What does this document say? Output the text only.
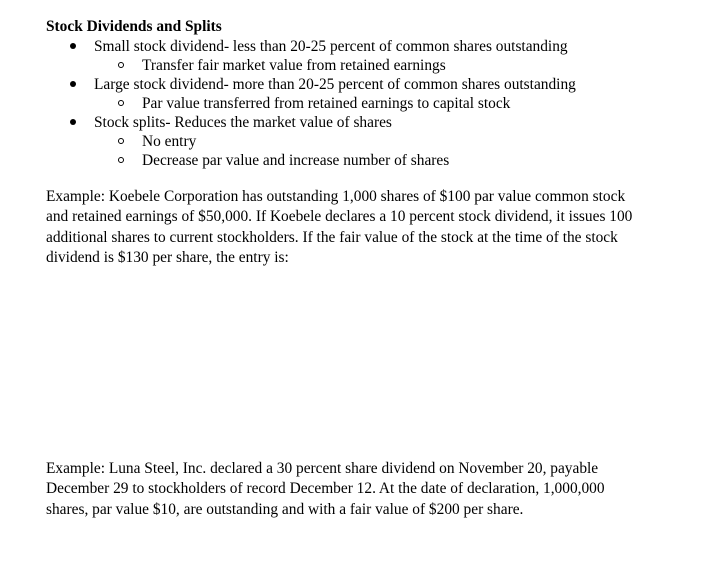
Stock Dividends and Splits
Small stock dividend- less than 20-25 percent of common shares outstanding
Transfer fair market value from retained earnings
Large stock dividend- more than 20-25 percent of common shares outstanding
Par value transferred from retained earnings to capital stock
Stock splits- Reduces the market value of shares
No entry
Decrease par value and increase number of shares
Example: Koebele Corporation has outstanding 1,000 shares of $100 par value common stock
and retained earnings of $50,000. If Koebele declares a 10 percent stock dividend, it issues 100
additional shares to current stockholders. If the fair value of the stock at the time of the stock
dividend is $130 per share, the entry is:
Example: Luna Steel, Inc. declared a 30 percent share dividend on November 20, payable
December 29 to stockholders of record December 12. At the date of declaration, 1,000,000
shares, par value $10, are outstanding and with a fair value of $200 per share.
